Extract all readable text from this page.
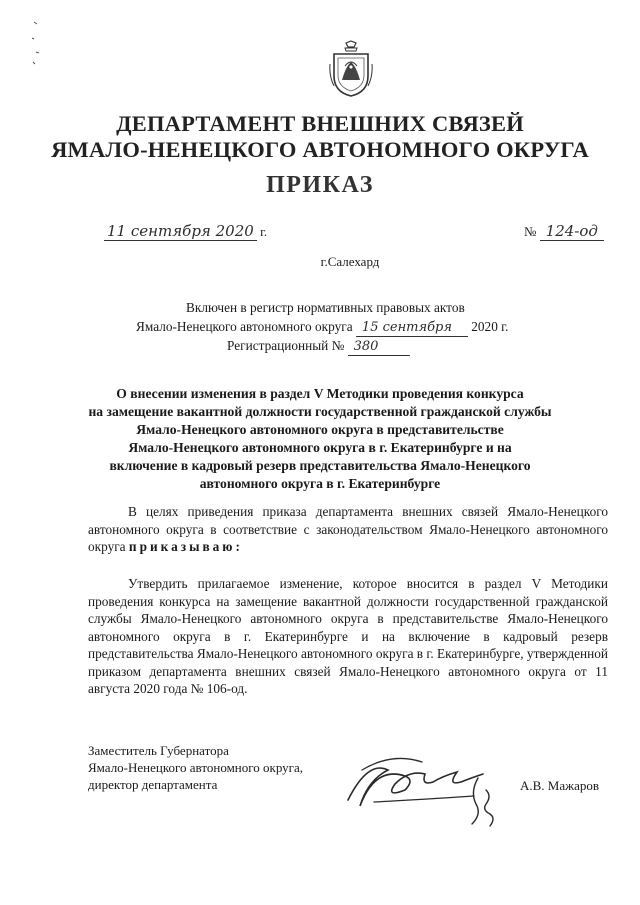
ДЕПАРТАМЕНТ ВНЕШНИХ СВЯЗЕЙ
ЯМАЛО-НЕНЕЦКОГО АВТОНОМНОГО ОКРУГА
ПРИКАЗ
11 сентября 2020 г.	№ 124-од
г.Салехард
Включен в регистр нормативных правовых актов
Ямало-Ненецкого автономного округа 15 сентября 2020 г.
Регистрационный № 380
О внесении изменения в раздел V Методики проведения конкурса
на замещение вакантной должности государственной гражданской службы
Ямало-Ненецкого автономного округа в представительстве
Ямало-Ненецкого автономного округа в г. Екатеринбурге и на
включение в кадровый резерв представительства Ямало-Ненецкого
автономного округа в г. Екатеринбурге
В целях приведения приказа департамента внешних связей Ямало-Ненецкого автономного округа в соответствие с законодательством Ямало-Ненецкого автономного округа приказываю:
Утвердить прилагаемое изменение, которое вносится в раздел V Методики проведения конкурса на замещение вакантной должности государственной гражданской службы Ямало-Ненецкого автономного округа в представительстве Ямало-Ненецкого автономного округа в г. Екатеринбурге и на включение в кадровый резерв представительства Ямало-Ненецкого автономного округа в г. Екатеринбурге, утвержденной приказом департамента внешних связей Ямало-Ненецкого автономного округа от 11 августа 2020 года № 106-од.
Заместитель Губернатора
Ямало-Ненецкого автономного округа,
директор департамента	А.В. Мажаров
